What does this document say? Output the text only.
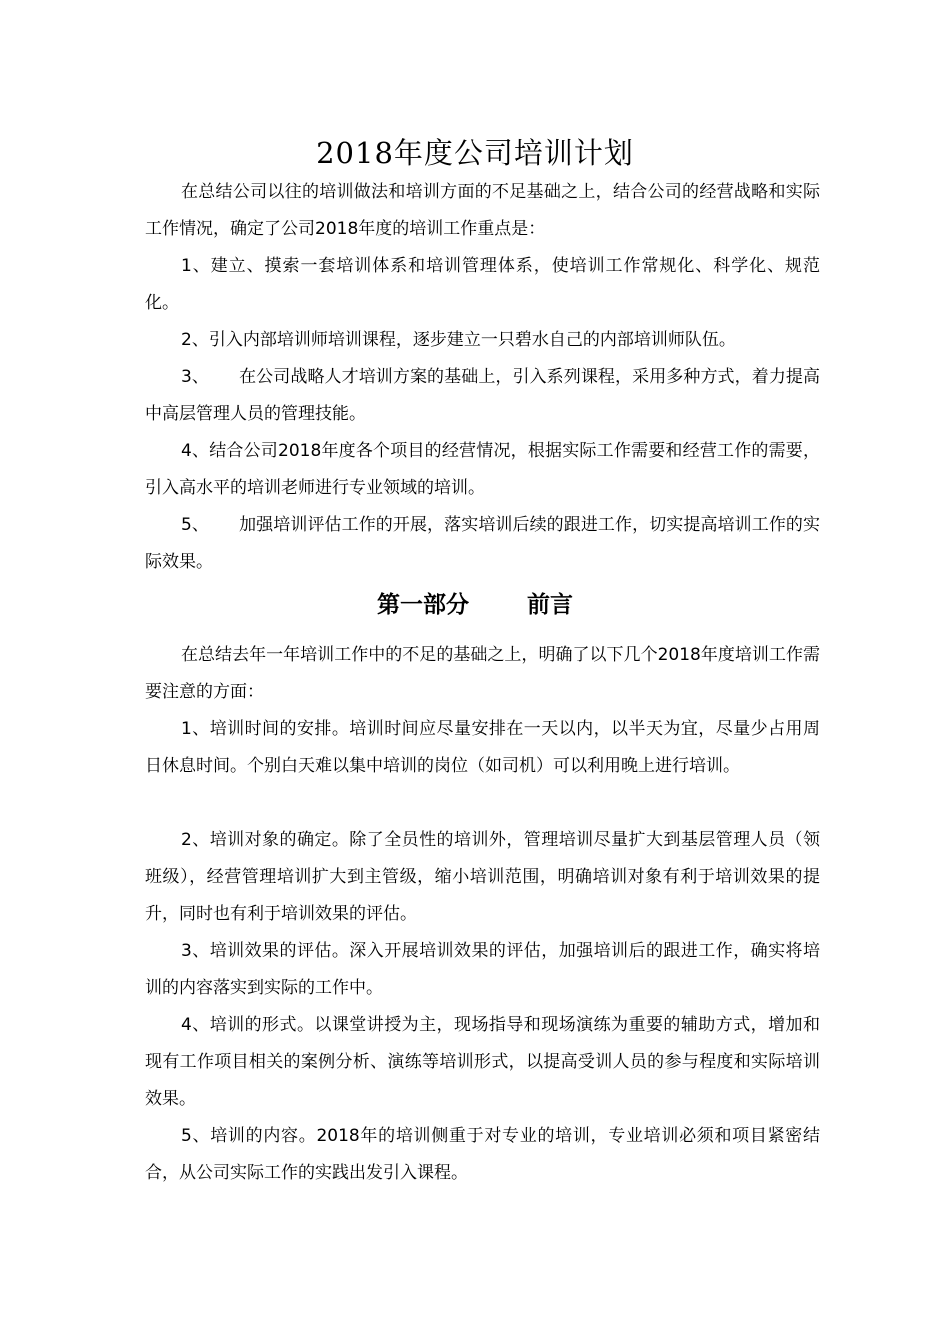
2018年度公司培训计划

在总结公司以往的培训做法和培训方面的不足基础之上，结合公司的经营战略和实际工作情况，确定了公司2018年度的培训工作重点是：

1、建立、摸索一套培训体系和培训管理体系，使培训工作常规化、科学化、规范化。

2、引入内部培训师培训课程，逐步建立一只碧水自己的内部培训师队伍。

3、 在公司战略人才培训方案的基础上，引入系列课程，采用多种方式，着力提高中高层管理人员的管理技能。

4、结合公司2018年度各个项目的经营情况，根据实际工作需要和经营工作的需要，引入高水平的培训老师进行专业领域的培训。

5、 加强培训评估工作的开展，落实培训后续的跟进工作，切实提高培训工作的实际效果。

第一部分	前言

在总结去年一年培训工作中的不足的基础之上，明确了以下几个2018年度培训工作需要注意的方面：

1、培训时间的安排。培训时间应尽量安排在一天以内，以半天为宜，尽量少占用周日休息时间。个别白天难以集中培训的岗位（如司机）可以利用晚上进行培训。

2、培训对象的确定。除了全员性的培训外，管理培训尽量扩大到基层管理人员（领班级），经营管理培训扩大到主管级，缩小培训范围，明确培训对象有利于培训效果的提升，同时也有利于培训效果的评估。

3、培训效果的评估。深入开展培训效果的评估，加强培训后的跟进工作，确实将培训的内容落实到实际的工作中。

4、培训的形式。以课堂讲授为主，现场指导和现场演练为重要的辅助方式，增加和现有工作项目相关的案例分析、演练等培训形式，以提高受训人员的参与程度和实际培训效果。

5、培训的内容。2018年的培训侧重于对专业的培训，专业培训必须和项目紧密结合，从公司实际工作的实践出发引入课程。
